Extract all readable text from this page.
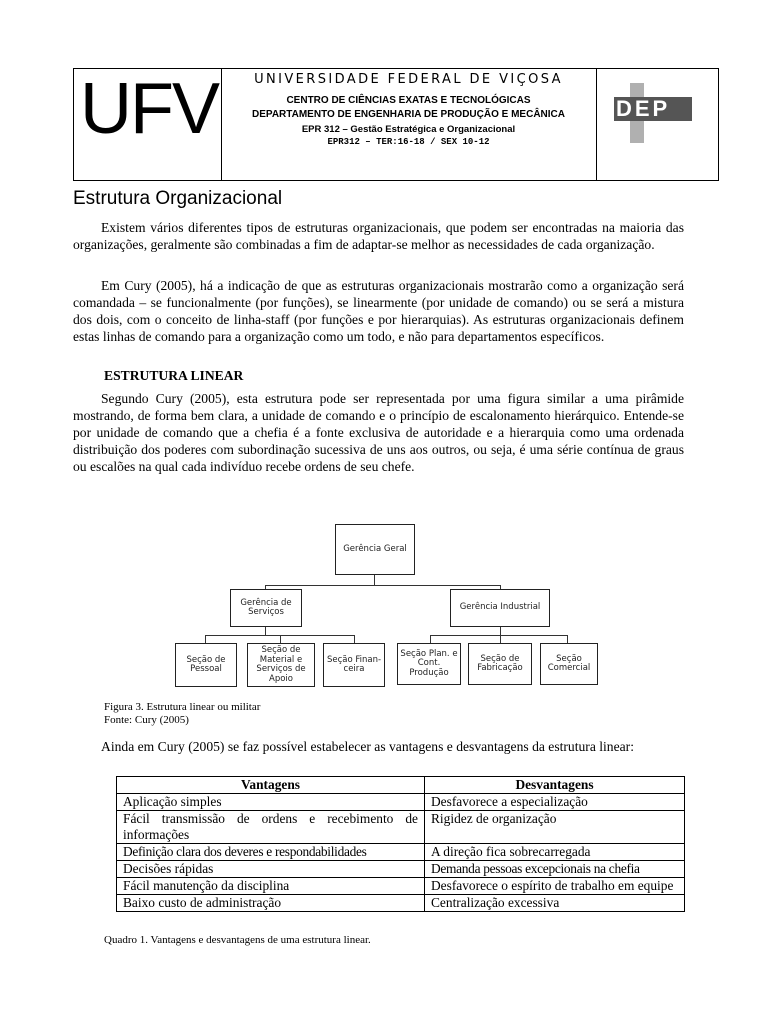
UFV	UNIVERSIDADE FEDERAL DE VIÇOSA
CENTRO DE CIÊNCIAS EXATAS E TECNOLÓGICAS
DEPARTAMENTO DE ENGENHARIA DE PRODUÇÃO E MECÂNICA
EPR 312 – Gestão Estratégica e Organizacional
EPR312 – TER:16-18 / SEX 10-12
DEP
Estrutura Organizacional
Existem vários diferentes tipos de estruturas organizacionais, que podem ser encontradas na maioria das organizações, geralmente são combinadas a fim de adaptar-se melhor as necessidades de cada organização.
Em Cury (2005), há a indicação de que as estruturas organizacionais mostrarão como a organização será comandada – se funcionalmente (por funções), se linearmente (por unidade de comando) ou se será a mistura dos dois, com o conceito de linha-staff (por funções e por hierarquias). As estruturas organizacionais definem estas linhas de comando para a organização como um todo, e não para departamentos específicos.
ESTRUTURA LINEAR
Segundo Cury (2005), esta estrutura pode ser representada por uma figura similar a uma pirâmide mostrando, de forma bem clara, a unidade de comando e o princípio de escalonamento hierárquico. Entende-se por unidade de comando que a chefia é a fonte exclusiva de autoridade e a hierarquia como uma ordenada distribuição dos poderes com subordinação sucessiva de uns aos outros, ou seja, é uma série contínua de graus ou escalões na qual cada indivíduo recebe ordens de seu chefe.
Gerência Geral
Gerência de Serviços	Gerência Industrial
Seção de Pessoal
Seção de Material e Serviços de Apoio
Seção Finan-ceira
Seção Plan. e Cont. Produção
Seção de Fabricação
Seção Comercial
Figura 3. Estrutura linear ou militar
Fonte: Cury (2005)
Ainda em Cury (2005) se faz possível estabelecer as vantagens e desvantagens da estrutura linear:
Vantagens	Desvantagens
Aplicação simples	Desfavorece a especialização
Fácil transmissão de ordens e recebimento de informações	Rigidez de organização
Definição clara dos deveres e respondabilidades	A direção fica sobrecarregada
Decisões rápidas	Demanda pessoas excepcionais na chefia
Fácil manutenção da disciplina	Desfavorece o espírito de trabalho em equipe
Baixo custo de administração	Centralização excessiva
Quadro 1. Vantagens e desvantagens de uma estrutura linear.
